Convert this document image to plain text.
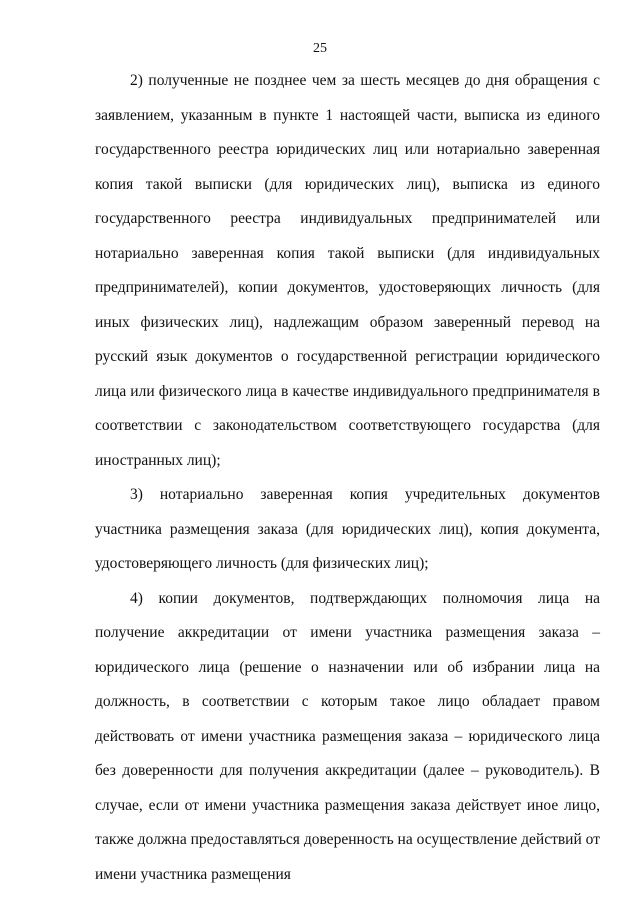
25

2) полученные не позднее чем за шесть месяцев до дня обращения с заявлением, указанным в пункте 1 настоящей части, выписка из единого государственного реестра юридических лиц или нотариально заверенная копия такой выписки (для юридических лиц), выписка из единого государственного реестра индивидуальных предпринимателей или нотариально заверенная копия такой выписки (для индивидуальных предпринимателей), копии документов, удостоверяющих личность (для иных физических лиц), надлежащим образом заверенный перевод на русский язык документов о государственной регистрации юридического лица или физического лица в качестве индивидуального предпринимателя в соответствии с законодательством соответствующего государства (для иностранных лиц);

3) нотариально заверенная копия учредительных документов участника размещения заказа (для юридических лиц), копия документа, удостоверяющего личность (для физических лиц);

4) копии документов, подтверждающих полномочия лица на получение аккредитации от имени участника размещения заказа – юридического лица (решение о назначении или об избрании лица на должность, в соответствии с которым такое лицо обладает правом действовать от имени участника размещения заказа – юридического лица без доверенности для получения аккредитации (далее – руководитель). В случае, если от имени участника размещения заказа действует иное лицо, также должна предоставляться доверенность на осуществление действий от имени участника размещения
